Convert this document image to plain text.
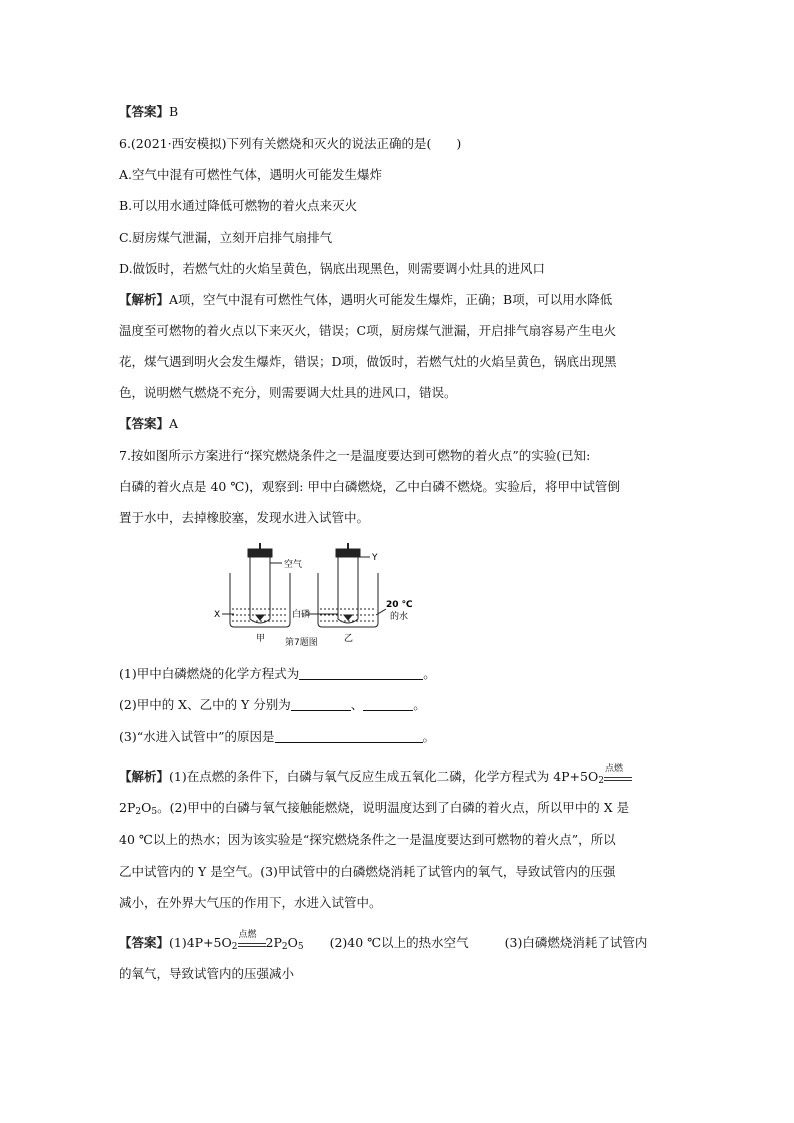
【答案】B
6.(2021·西安模拟)下列有关燃烧和灭火的说法正确的是(　　)
A.空气中混有可燃性气体，遇明火可能发生爆炸
B.可以用水通过降低可燃物的着火点来灭火
C.厨房煤气泄漏，立刻开启排气扇排气
D.做饭时，若燃气灶的火焰呈黄色，锅底出现黑色，则需要调小灶具的进风口
【解析】A项，空气中混有可燃性气体，遇明火可能发生爆炸，正确；B项，可以用水降低
温度至可燃物的着火点以下来灭火，错误；C项，厨房煤气泄漏，开启排气扇容易产生电火
花，煤气遇到明火会发生爆炸，错误；D项，做饭时，若燃气灶的火焰呈黄色，锅底出现黑
色，说明燃气燃烧不充分，则需要调大灶具的进风口，错误。
【答案】A
7.按如图所示方案进行“探究燃烧条件之一是温度要达到可燃物的着火点”的实验(已知:
白磷的着火点是 40 ℃)，观察到: 甲中白磷燃烧，乙中白磷不燃烧。实验后，将甲中试管倒
置于水中，去掉橡胶塞，发现水进入试管中。
(1)甲中白磷燃烧的化学方程式为	。
(2)甲中的 X、乙中的 Y 分别为	、	。
(3)“水进入试管中”的原因是	。
【解析】(1)在点燃的条件下，白磷与氧气反应生成五氧化二磷，化学方程式为 $4P+5O_2$
点燃
$2P_2O_5$。(2)甲中的白磷与氧气接触能燃烧，说明温度达到了白磷的着火点，所以甲中的 X 是
40 ℃以上的热水；因为该实验是“探究燃烧条件之一是温度要达到可燃物的着火点”，所以
乙中试管内的 Y 是空气。(3)甲试管中的白磷燃烧消耗了试管内的氧气，导致试管内的压强
减小，在外界大气压的作用下，水进入试管中。
【答案】$(1)4P+5O_2$
点燃 $2P_2O_5$ (2)40 ℃以上的热水空气	(3)白磷燃烧消耗了试管内
的氧气，导致试管内的压强减小
空气
X
甲
Y
白磷
20 ℃
的水
乙
第7题图
